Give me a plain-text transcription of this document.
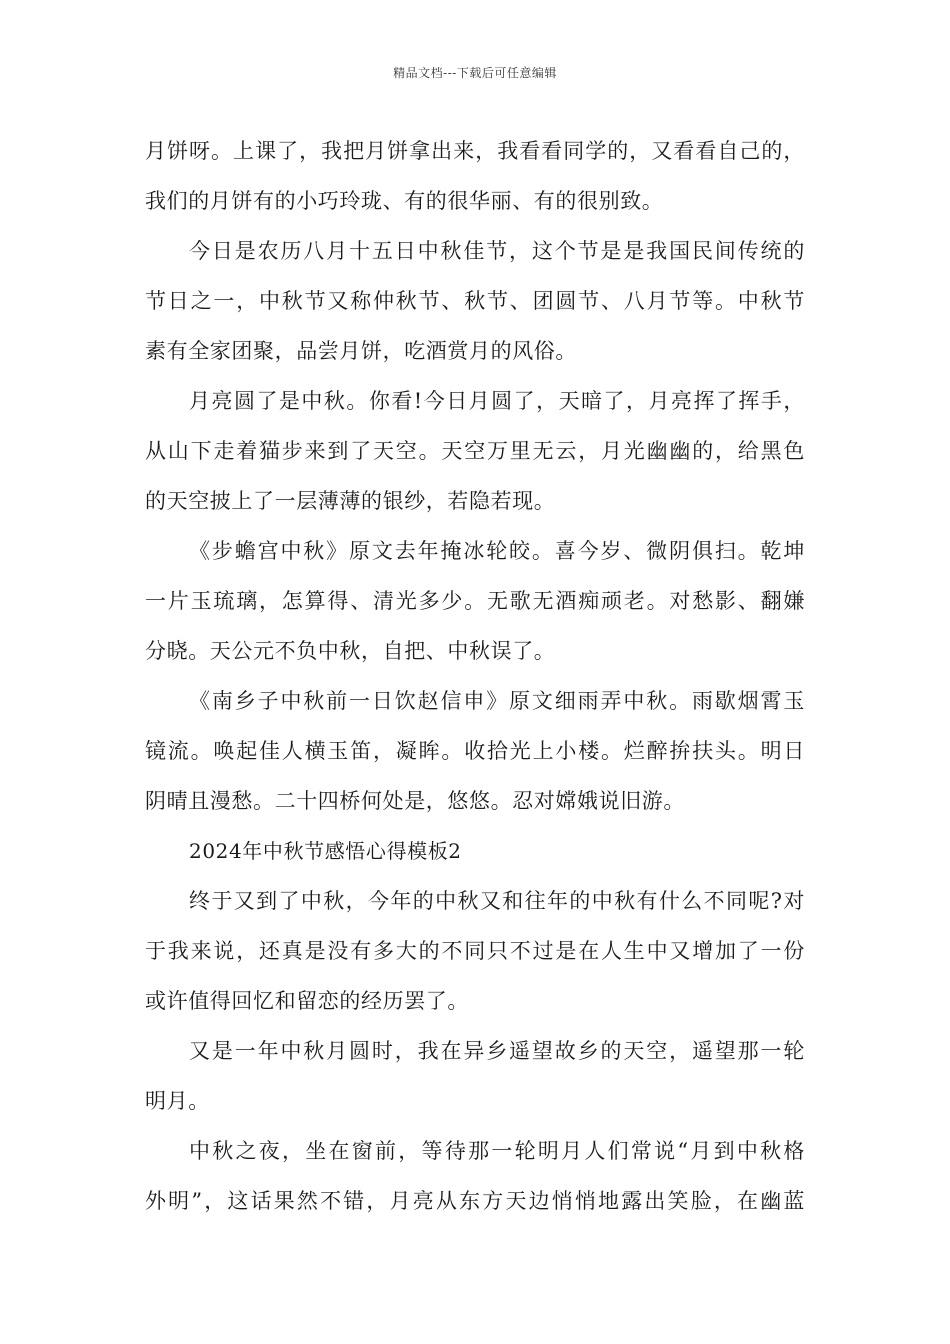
精品文档---下载后可任意编辑
月饼呀。上课了，我把月饼拿出来，我看看同学的，又看看自己的，
我们的月饼有的小巧玲珑、有的很华丽、有的很别致。
今日是农历八月十五日中秋佳节，这个节是是我国民间传统的
节日之一，中秋节又称仲秋节、秋节、团圆节、八月节等。中秋节
素有全家团聚，品尝月饼，吃酒赏月的风俗。
月亮圆了是中秋。你看!今日月圆了，天暗了，月亮挥了挥手，
从山下走着猫步来到了天空。天空万里无云，月光幽幽的，给黑色
的天空披上了一层薄薄的银纱，若隐若现。
《步蟾宫中秋》原文去年掩冰轮皎。喜今岁、微阴俱扫。乾坤
一片玉琉璃，怎算得、清光多少。无歌无酒痴顽老。对愁影、翻嫌
分晓。天公元不负中秋，自把、中秋误了。
《南乡子中秋前一日饮赵信申》原文细雨弄中秋。雨歇烟霄玉
镜流。唤起佳人横玉笛，凝眸。收拾光上小楼。烂醉拚扶头。明日
阴晴且漫愁。二十四桥何处是，悠悠。忍对嫦娥说旧游。
2024年中秋节感悟心得模板2
终于又到了中秋，今年的中秋又和往年的中秋有什么不同呢?对
于我来说，还真是没有多大的不同只不过是在人生中又增加了一份
或许值得回忆和留恋的经历罢了。
又是一年中秋月圆时，我在异乡遥望故乡的天空，遥望那一轮
明月。
中秋之夜，坐在窗前，等待那一轮明月人们常说“月到中秋格
外明”，这话果然不错，月亮从东方天边悄悄地露出笑脸，在幽蓝
